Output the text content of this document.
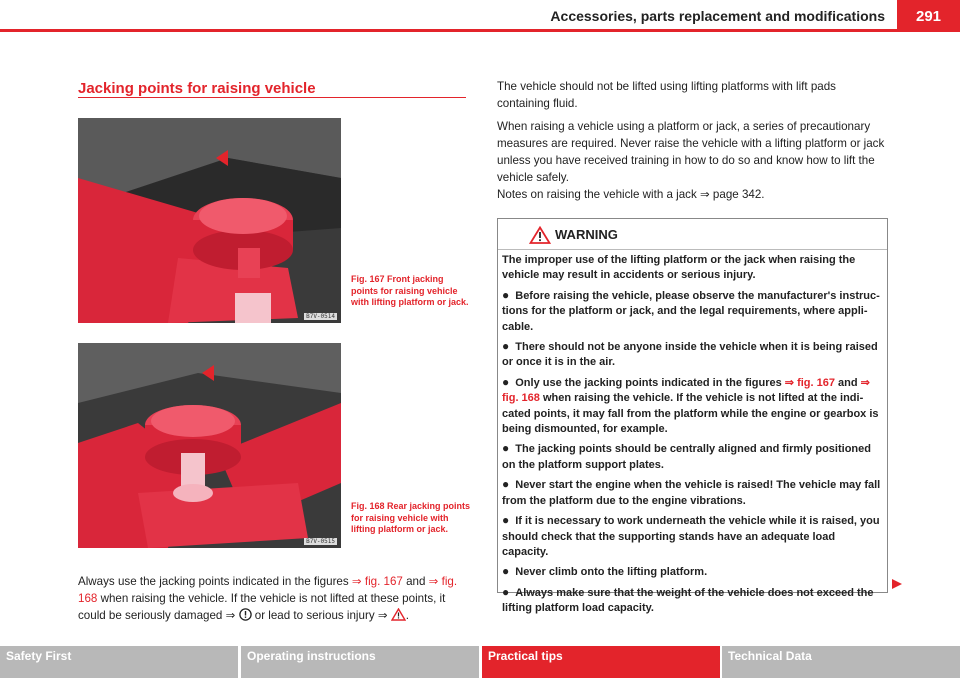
Accessories, parts replacement and modifications	291
Jacking points for raising vehicle
B7V-0514
Fig. 167 Front jacking points for raising vehicle with lifting platform or jack.
B7V-0515
Fig. 168 Rear jacking points for raising vehicle with lifting platform or jack.
Always use the jacking points indicated in the figures ⇒ fig. 167 and ⇒ fig. 168 when raising the vehicle. If the vehicle is not lifted at these points, it could be seriously damaged ⇒  or lead to serious injury ⇒ .
The vehicle should not be lifted using lifting platforms with lift pads containing fluid.
When raising a vehicle using a platform or jack, a series of precautionary measures are required. Never raise the vehicle with a lifting platform or jack unless you have received training in how to do so and know how to lift the vehicle safely.
Notes on raising the vehicle with a jack ⇒ page 342.
WARNING

The improper use of the lifting platform or the jack when raising the vehicle may result in accidents or serious injury.

● Before raising the vehicle, please observe the manufacturer's instructions for the platform or jack, and the legal requirements, where applicable.

● There should not be anyone inside the vehicle when it is being raised or once it is in the air.

● Only use the jacking points indicated in the figures ⇒ fig. 167 and ⇒ fig. 168 when raising the vehicle. If the vehicle is not lifted at the indicated points, it may fall from the platform while the engine or gearbox is being dismounted, for example.

● The jacking points should be centrally aligned and firmly positioned on the platform support plates.

● Never start the engine when the vehicle is raised! The vehicle may fall from the platform due to the engine vibrations.

● If it is necessary to work underneath the vehicle while it is raised, you should check that the supporting stands have an adequate load capacity.

● Never climb onto the lifting platform.

● Always make sure that the weight of the vehicle does not exceed the lifting platform load capacity.

Safety First	Operating instructions	Practical tips	Technical Data
